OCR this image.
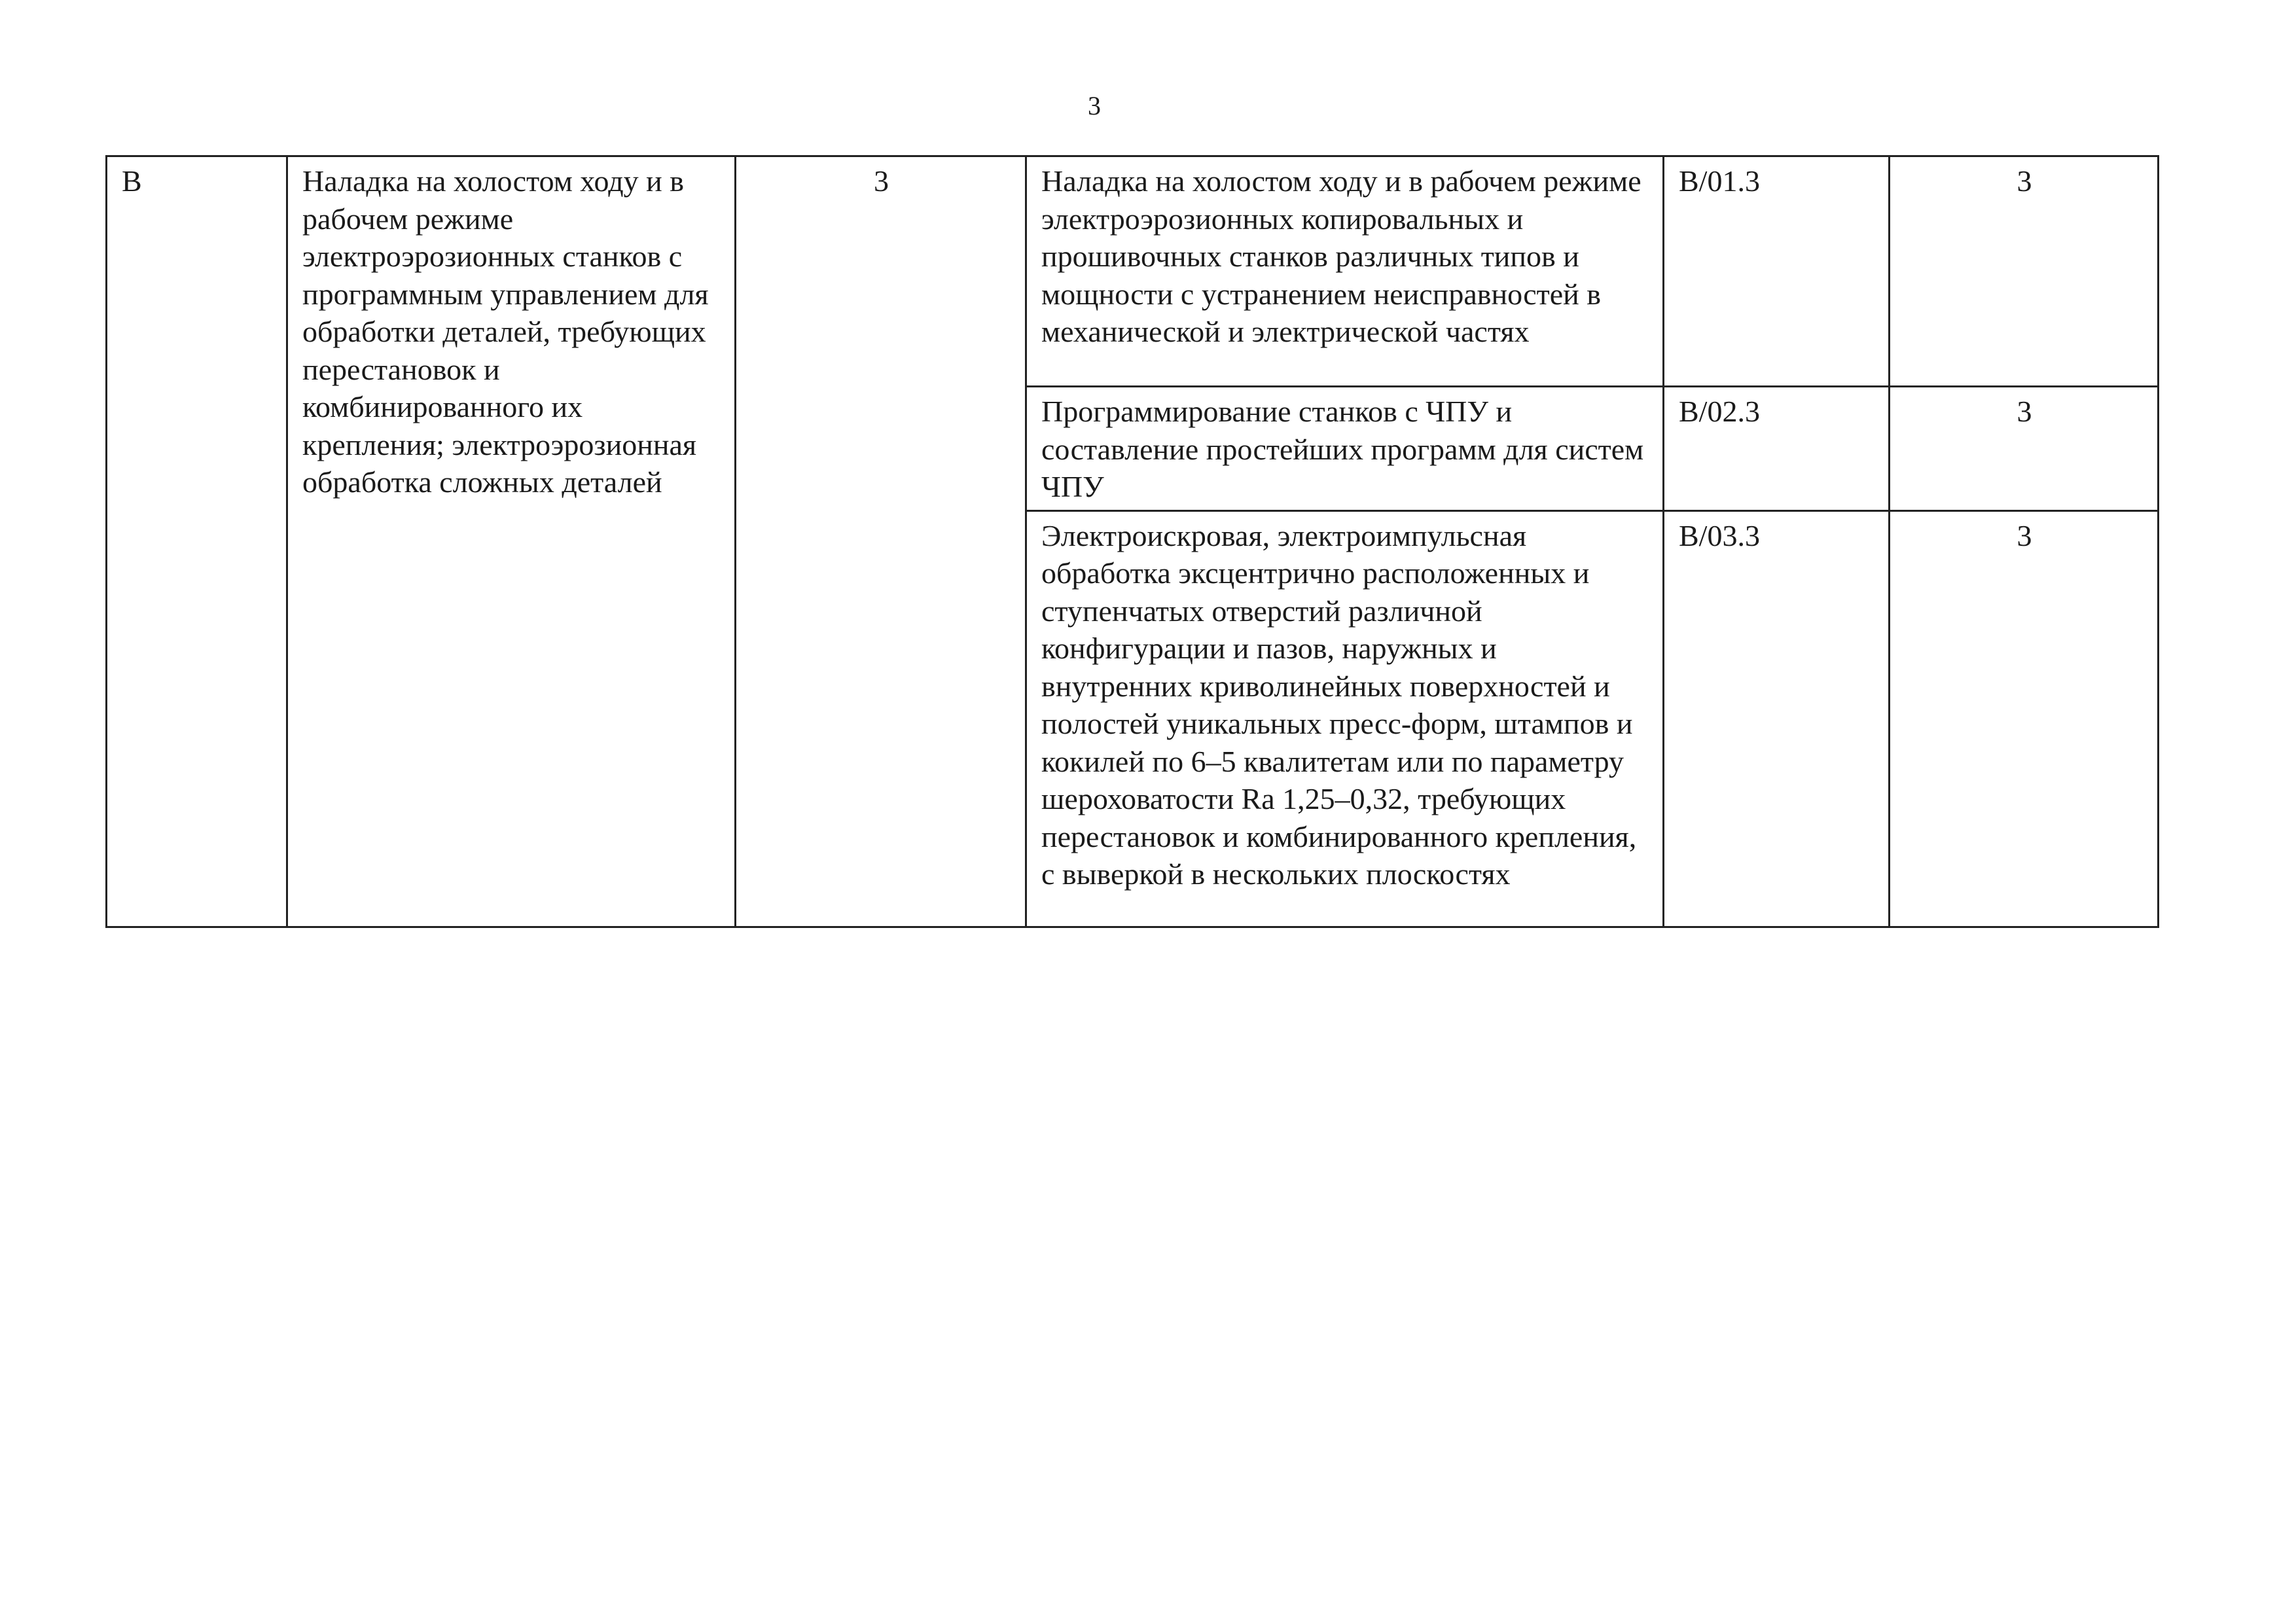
3
В	Наладка на холостом ходу и в рабочем режиме электроэрозионных станков с программным управлением для обработки деталей, требующих перестановок и комбинированного их крепления; электроэрозионная обработка сложных деталей	3	Наладка на холостом ходу и в рабочем режиме электроэрозионных копировальных и прошивочных станков различных типов и мощности с устранением неисправностей в механической и электрической частях	В/01.3	3
			Программирование станков с ЧПУ и составление простейших программ для систем ЧПУ	В/02.3	3
			Электроискровая, электроимпульсная обработка эксцентрично расположенных и ступенчатых отверстий различной конфигурации и пазов, наружных и внутренних криволинейных поверхностей и полостей уникальных пресс-форм, штампов и кокилей по 6–5 квалитетам или по параметру шероховатости Ra 1,25–0,32, требующих перестановок и комбинированного крепления, с выверкой в нескольких плоскостях	В/03.3	3
